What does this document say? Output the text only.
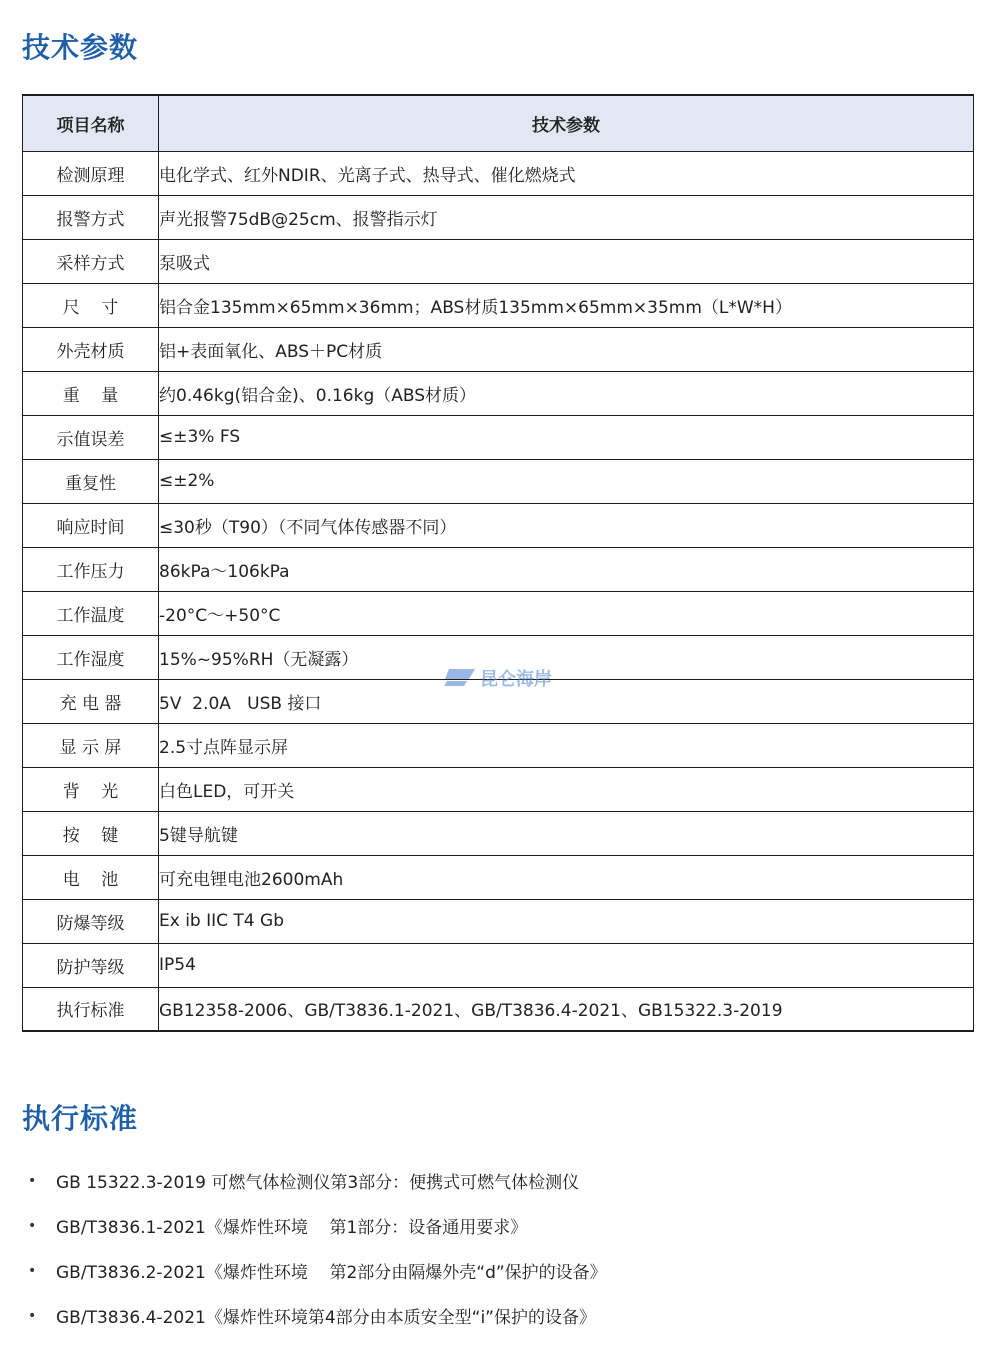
技术参数
项目名称	技术参数
检测原理	电化学式、红外NDIR、光离子式、热导式、催化燃烧式
报警方式	声光报警75dB@25cm、报警指示灯
采样方式	泵吸式
尺    寸	铝合金135mm×65mm×36mm；ABS材质135mm×65mm×35mm（L*W*H）
外壳材质	铝+表面氧化、ABS＋PC材质
重    量	约0.46kg(铝合金)、0.16kg（ABS材质）
示值误差	≤±3% FS
重复性	≤±2%
响应时间	≤30秒（T90）（不同气体传感器不同）
工作压力	86kPa～106kPa
工作温度	-20°C～+50°C
工作湿度	15%~95%RH（无凝露）
充 电 器	5V  2.0A   USB 接口
显 示 屏	2.5寸点阵显示屏
背    光	白色LED，可开关
按    键	5键导航键
电    池	可充电锂电池2600mAh
防爆等级	Ex ib IIC T4 Gb
防护等级	IP54
执行标准	GB12358-2006、GB/T3836.1-2021、GB/T3836.4-2021、GB15322.3-2019
昆仑海岸
执行标准
•	GB 15322.3-2019 可燃气体检测仪第3部分：便携式可燃气体检测仪
•	GB/T3836.1-2021《爆炸性环境    第1部分：设备通用要求》
•	GB/T3836.2-2021《爆炸性环境    第2部分由隔爆外壳“d”保护的设备》
•	GB/T3836.4-2021《爆炸性环境第4部分由本质安全型“i”保护的设备》
